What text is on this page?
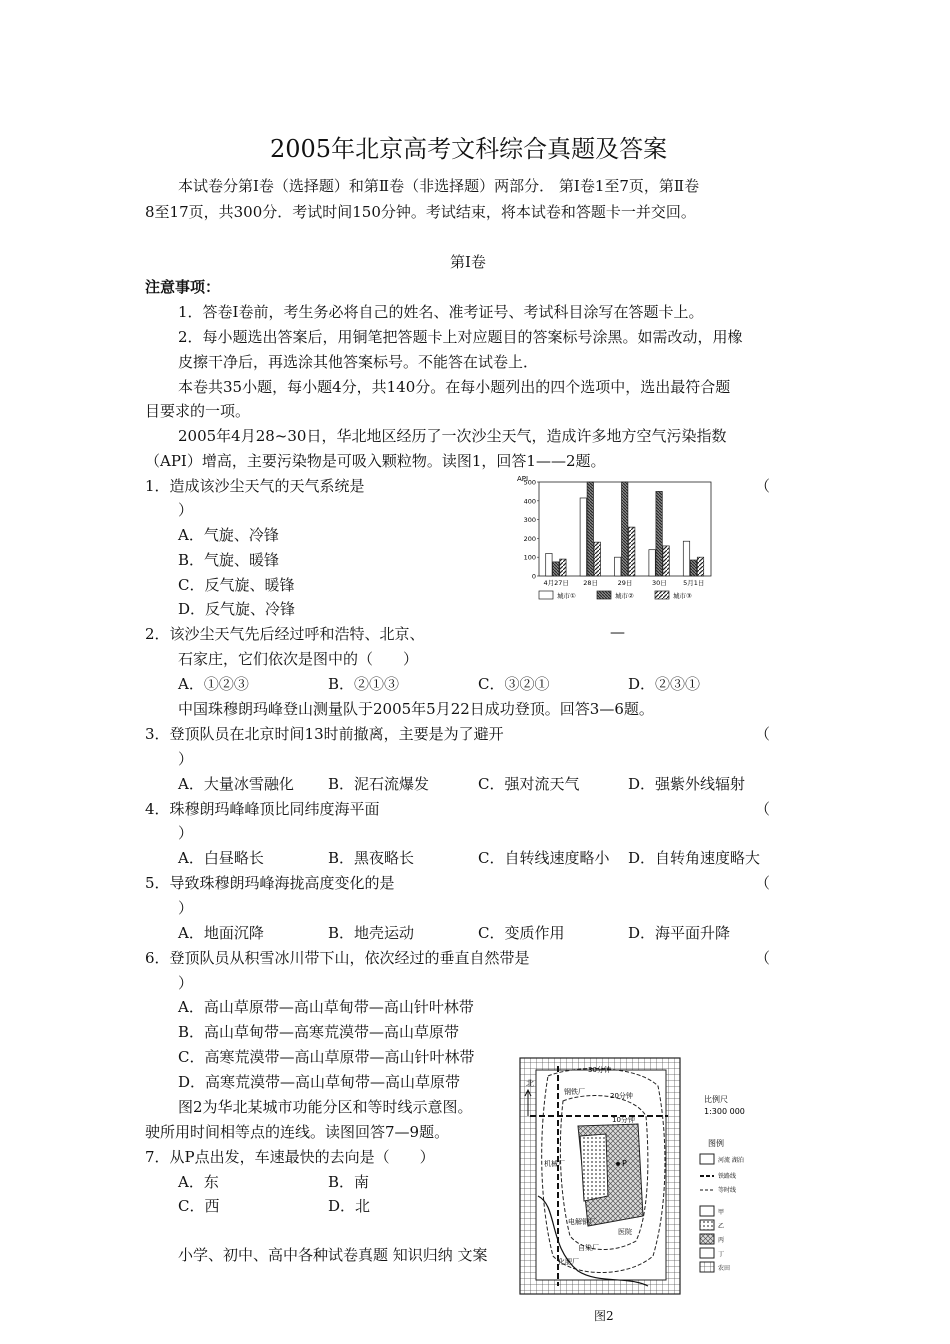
2005年北京高考文科综合真题及答案
本试卷分第Ⅰ卷（选择题）和第Ⅱ卷（非选择题）两部分． 第Ⅰ卷1至7页，第Ⅱ卷
8至17页，共300分．考试时间150分钟。考试结束，将本试卷和答题卡一并交回。
第Ⅰ卷
注意事项：
1．答卷Ⅰ卷前，考生务必将自己的姓名、准考证号、考试科目涂写在答题卡上。
2．每小题选出答案后，用铜笔把答题卡上对应题目的答案标号涂黑。如需改动，用橡
皮擦干净后，再选涂其他答案标号。不能答在试卷上．
本卷共35小题，每小题4分，共140分。在每小题列出的四个选项中，选出最符合题
目要求的一项。
2005年4月28~30日，华北地区经历了一次沙尘天气，造成许多地方空气污染指数
（API）增高，主要污染物是可吸入颗粒物。读图1，回答1——2题。
1．造成该沙尘天气的天气系统是	（
）
A．气旋、冷锋
B．气旋、暖锋
C．反气旋、暖锋
D．反气旋、冷锋
API
0
100
200
300
400
500
4月27日 28日	29日	30日	5月1日
城市①	城市②	城市③
2．该沙尘天气先后经过呼和浩特、北京、	—
石家庄，它们依次是图中的（　　）
A．①②③	B．②①③	C．③②①	D．②③①
中国珠穆朗玛峰登山测量队于2005年5月22日成功登顶。回答3—6题。
3．登顶队员在北京时间13时前撤离，主要是为了避开	（
）
A．大量冰雪融化 B．泥石流爆发	C．强对流天气	D．强紫外线辐射
4．珠穆朗玛峰峰顶比同纬度海平面	（
）
A．白昼略长	B．黑夜略长	C．自转线速度略小 D．自转角速度略大
5．导致珠穆朗玛峰海拢高度变化的是	（
）
A．地面沉降	B．地壳运动	C．变质作用	D．海平面升降
6．登顶队员从积雪冰川带下山，依次经过的垂直自然带是	（
）
A．高山草原带—高山草甸带—高山针叶林带
B．高山草甸带—高寒荒漠带—高山草原带
C．高寒荒漠带—高山草原带—高山针叶林带
D．高寒荒漠带—高山草甸带—高山草原带
图2为华北某城市功能分区和等时线示意图。
驶所用时间相等点的连线。读图回答7—9题。
7．从P点出发，车速最快的去向是（　　）
A．东	B．南
C．西	D．北
小学、初中、高中各种试卷真题 知识归纳 文案
北
30分钟
20分钟
10分钟
钢铁厂
机械厂
电解铜厂
自染厂
化肥厂
医院
P
比例尺
1:300 000
图例
河流 湖泊
铁路线
等时线
甲
乙
丙
丁
农田
图2
